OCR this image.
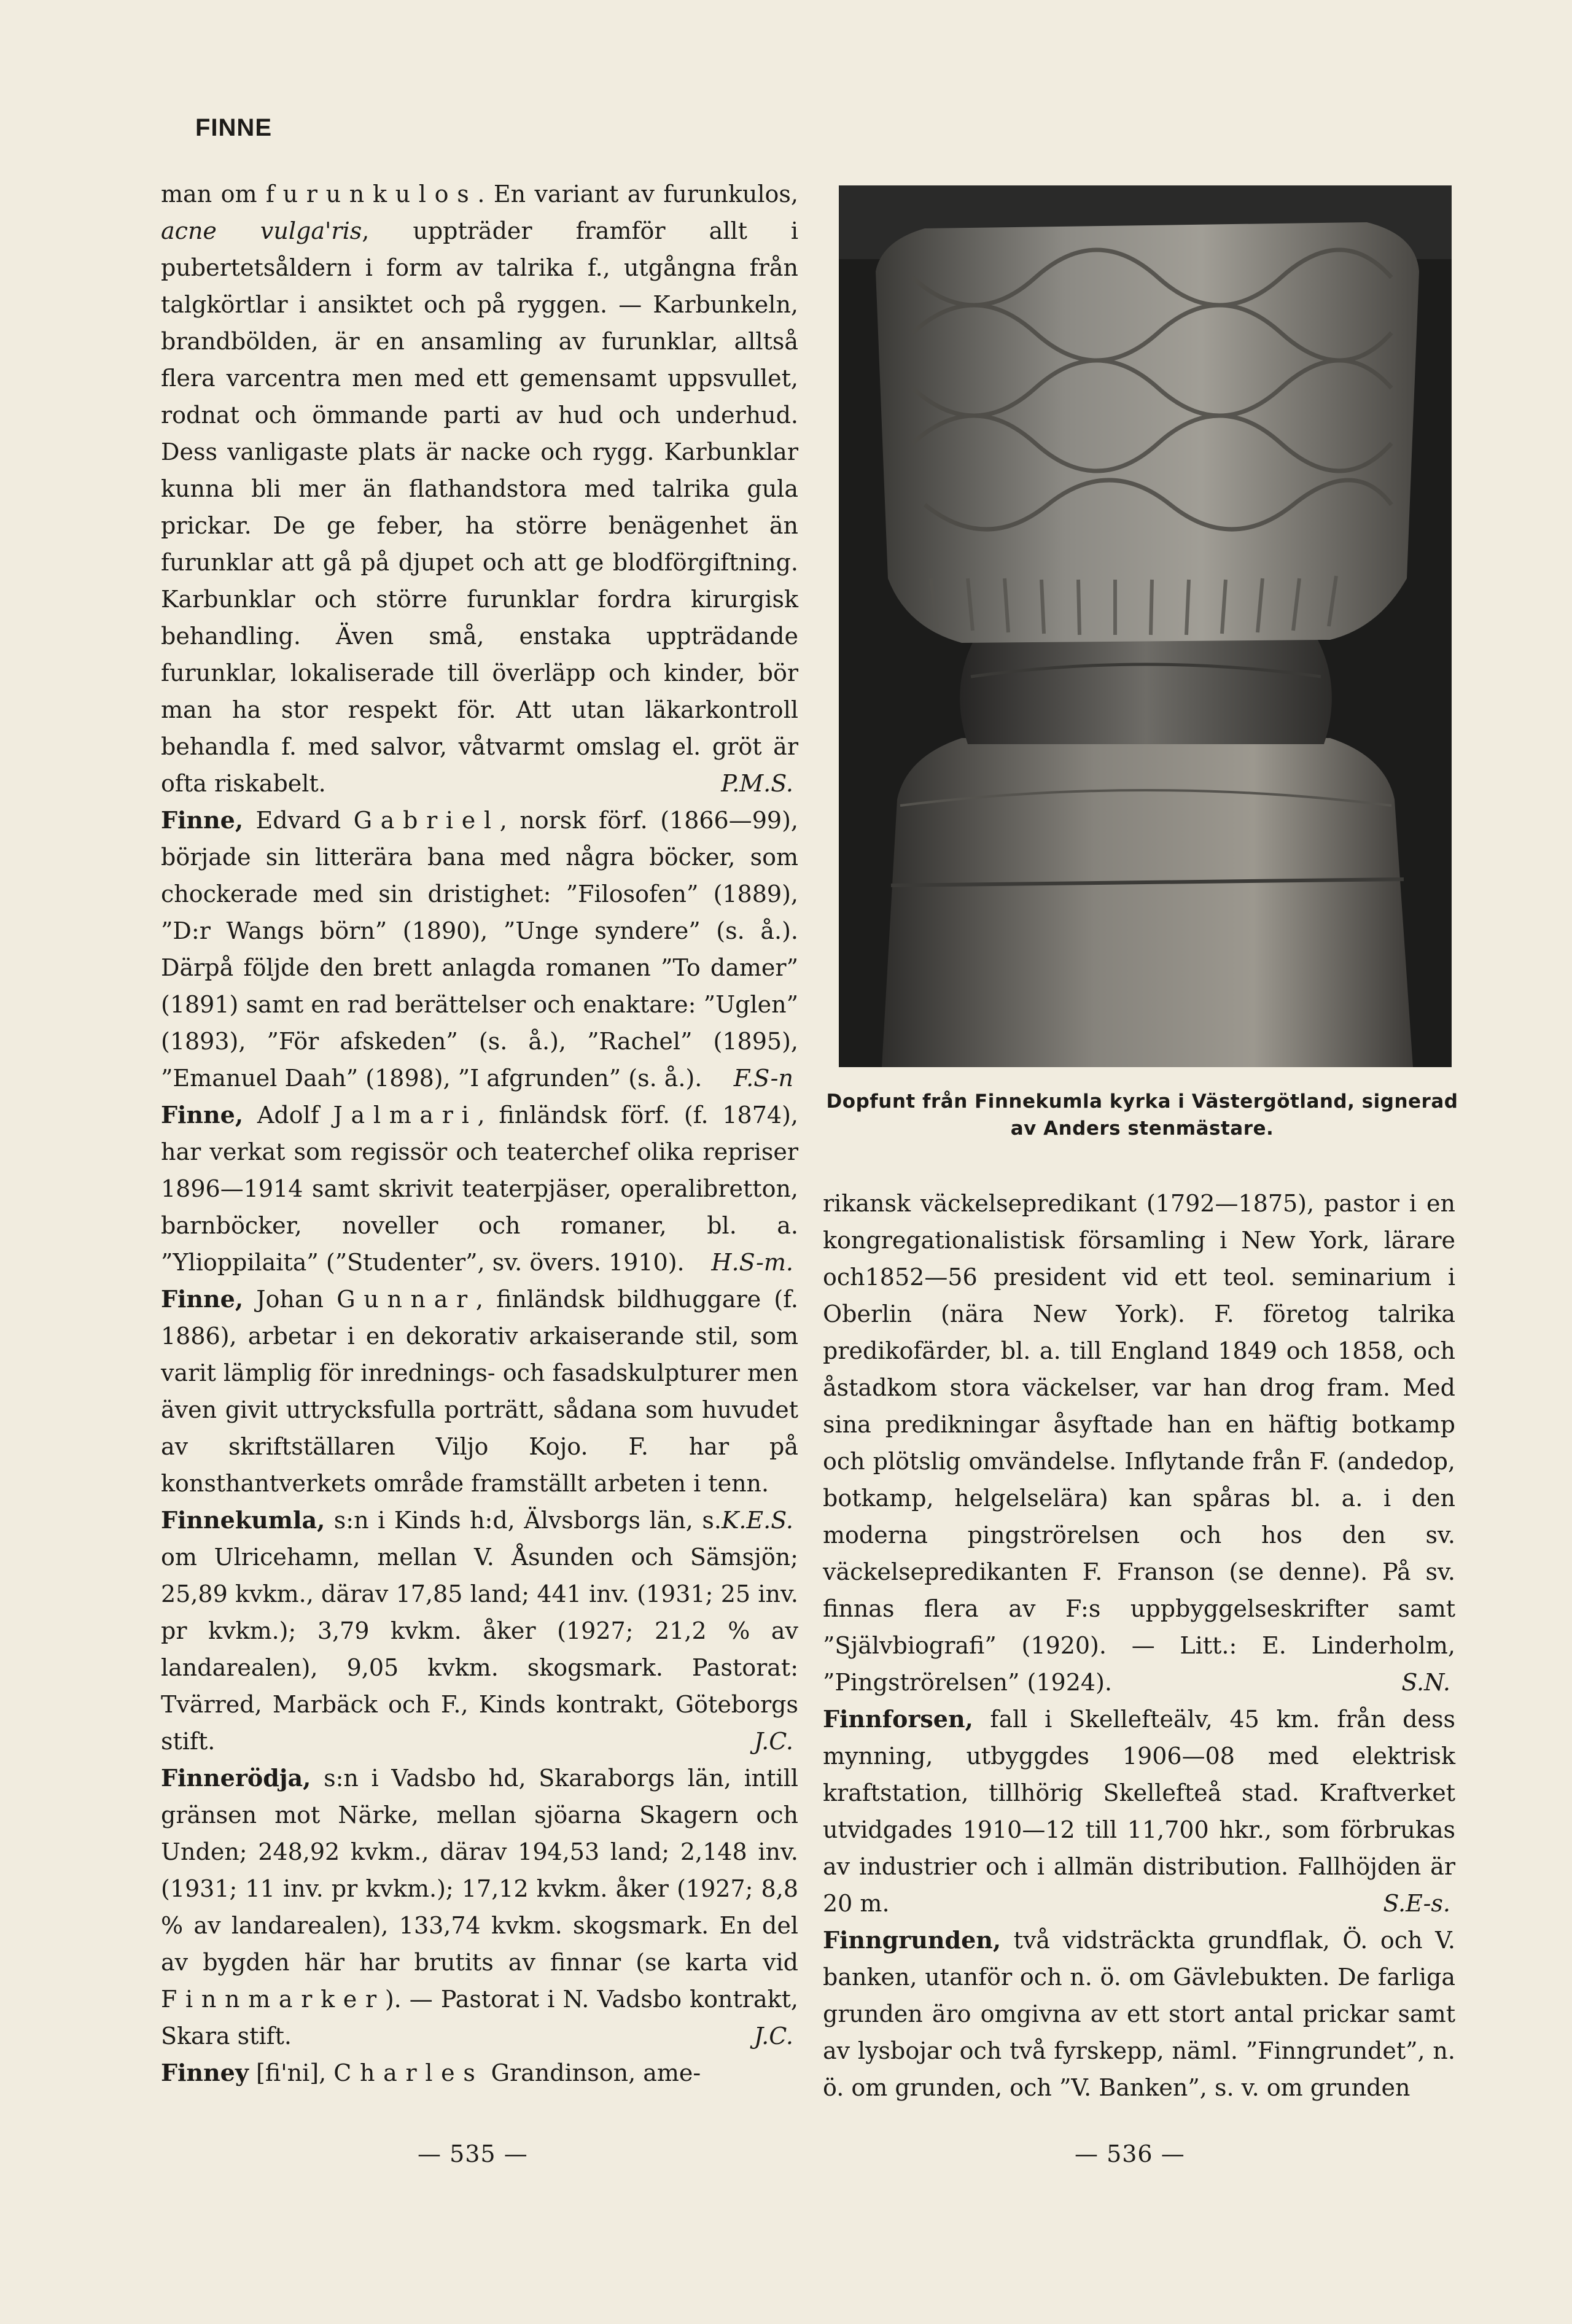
FINNE

man om furunkulos. En variant av furunkulos, acne vulga'ris, uppträder framför allt i pubertetsåldern i form av talrika f., utgångna från talgkörtlar i ansiktet och på ryggen. — Karbunkeln, brandbölden, är en ansamling av furunklar, alltså flera varcentra men med ett gemensamt uppsvullet, rodnat och ömmande parti av hud och underhud. Dess vanligaste plats är nacke och rygg. Karbunklar kunna bli mer än flathandstora med talrika gula prickar. De ge feber, ha större benägenhet än furunklar att gå på djupet och att ge blodförgiftning. Karbunklar och större furunklar fordra kirurgisk behandling. Även små, enstaka uppträdande furunklar, lokaliserade till överläpp och kinder, bör man ha stor respekt för. Att utan läkarkontroll behandla f. med salvor, våtvarmt omslag el. gröt är ofta riskabelt.	P.M.S.

Finne, Edvard Gabriel, norsk förf. (1866—99), började sin litterära bana med några böcker, som chockerade med sin dristighet: ”Filosofen” (1889), ”D:r Wangs börn” (1890), ”Unge syndere” (s. å.). Därpå följde den brett anlagda romanen ”To damer” (1891) samt en rad berättelser och enaktare: ”Uglen” (1893), ”För afskeden” (s. å.), ”Rachel” (1895), ”Emanuel Daah” (1898), ”I afgrunden” (s. å.). F.S-n

Finne, Adolf Jalmari, finländsk förf. (f. 1874), har verkat som regissör och teaterchef olika repriser 1896—1914 samt skrivit teaterpjäser, operalibretton, barnböcker, noveller och romaner, bl. a. ”Ylioppilaita” (”Studenter”, sv. övers. 1910). H.S-m.

Finne, Johan Gunnar, finländsk bildhuggare (f. 1886), arbetar i en dekorativ arkaiserande stil, som varit lämplig för inrednings- och fasadskulpturer men även givit uttrycksfulla porträtt, sådana som huvudet av skriftställaren Viljo Kojo. F. har på konsthantverkets område framställt arbeten i tenn.
K.E.S.

Finnekumla, s:n i Kinds h:d, Älvsborgs län, s. om Ulricehamn, mellan V. Åsunden och Sämsjön; 25,89 kvkm., därav 17,85 land; 441 inv. (1931; 25 inv. pr kvkm.); 3,79 kvkm. åker (1927; 21,2 % av landarealen), 9,05 kvkm. skogsmark. Pastorat: Tvärred, Marbäck och F., Kinds kontrakt, Göteborgs stift.	J.C.

Finnerödja, s:n i Vadsbo hd, Skaraborgs län, intill gränsen mot Närke, mellan sjöarna Skagern och Unden; 248,92 kvkm., därav 194,53 land; 2,148 inv. (1931; 11 inv. pr kvkm.); 17,12 kvkm. åker (1927; 8,8 % av landarealen), 133,74 kvkm. skogsmark. En del av bygden här har brutits av finnar (se karta vid Finnmarker). — Pastorat i N. Vadsbo kontrakt, Skara stift.	J.C.

Finney [fi'ni], Charles Grandinson, ame-

Dopfunt från Finnekumla kyrka i Västergötland, signerad av Anders stenmästare.

rikansk väckelsepredikant (1792—1875), pastor i en kongregationalistisk församling i New York, lärare och1852—56 president vid ett teol. seminarium i Oberlin (nära New York). F. företog talrika predikofärder, bl. a. till England 1849 och 1858, och åstadkom stora väckelser, var han drog fram. Med sina predikningar åsyftade han en häftig botkamp och plötslig omvändelse. Inflytande från F. (andedop, botkamp, helgelselära) kan spåras bl. a. i den moderna pingströrelsen och hos den sv. väckelsepredikanten F. Franson (se denne). På sv. finnas flera av F:s uppbyggelseskrifter samt ”Självbiografi” (1920). — Litt.: E. Linderholm, ”Pingströrelsen” (1924).	S.N.

Finnforsen, fall i Skellefteälv, 45 km. från dess mynning, utbyggdes 1906—08 med elektrisk kraftstation, tillhörig Skellefteå stad. Kraftverket utvidgades 1910—12 till 11,700 hkr., som förbrukas av industrier och i allmän distribution. Fallhöjden är 20 m.	S.E-s.

Finngrunden, två vidsträckta grundflak, Ö. och V. banken, utanför och n. ö. om Gävlebukten. De farliga grunden äro omgivna av ett stort antal prickar samt av lysbojar och två fyrskepp, näml. ”Finngrundet”, n. ö. om grunden, och ”V. Banken”, s. v. om grunden

— 535 —	— 536 —
